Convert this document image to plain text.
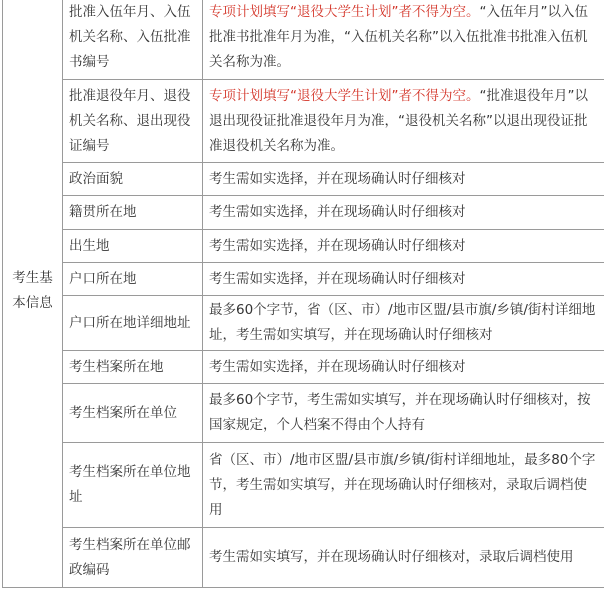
考生基本信息	批准入伍年月、入伍机关名称、入伍批准书编号	专项计划填写“退役大学生计划”者不得为空。“入伍年月”以入伍批准书批准年月为准，“入伍机关名称”以入伍批准书批准入伍机关名称为准。
	批准退役年月、退役机关名称、退出现役证编号	专项计划填写“退役大学生计划”者不得为空。“批准退役年月”以退出现役证批准退役年月为准，“退役机关名称”以退出现役证批准退役机关名称为准。
	政治面貌	考生需如实选择，并在现场确认时仔细核对
	籍贯所在地	考生需如实选择，并在现场确认时仔细核对
	出生地	考生需如实选择，并在现场确认时仔细核对
	户口所在地	考生需如实选择，并在现场确认时仔细核对
	户口所在地详细地址	最多60个字节，省（区、市）/地市区盟/县市旗/乡镇/街村详细地址，考生需如实填写，并在现场确认时仔细核对
	考生档案所在地	考生需如实选择，并在现场确认时仔细核对
	考生档案所在单位	最多60个字节，考生需如实填写，并在现场确认时仔细核对，按国家规定，个人档案不得由个人持有
	考生档案所在单位地址	省（区、市）/地市区盟/县市旗/乡镇/街村详细地址，最多80个字节，考生需如实填写，并在现场确认时仔细核对，录取后调档使用
	考生档案所在单位邮政编码	考生需如实填写，并在现场确认时仔细核对，录取后调档使用
